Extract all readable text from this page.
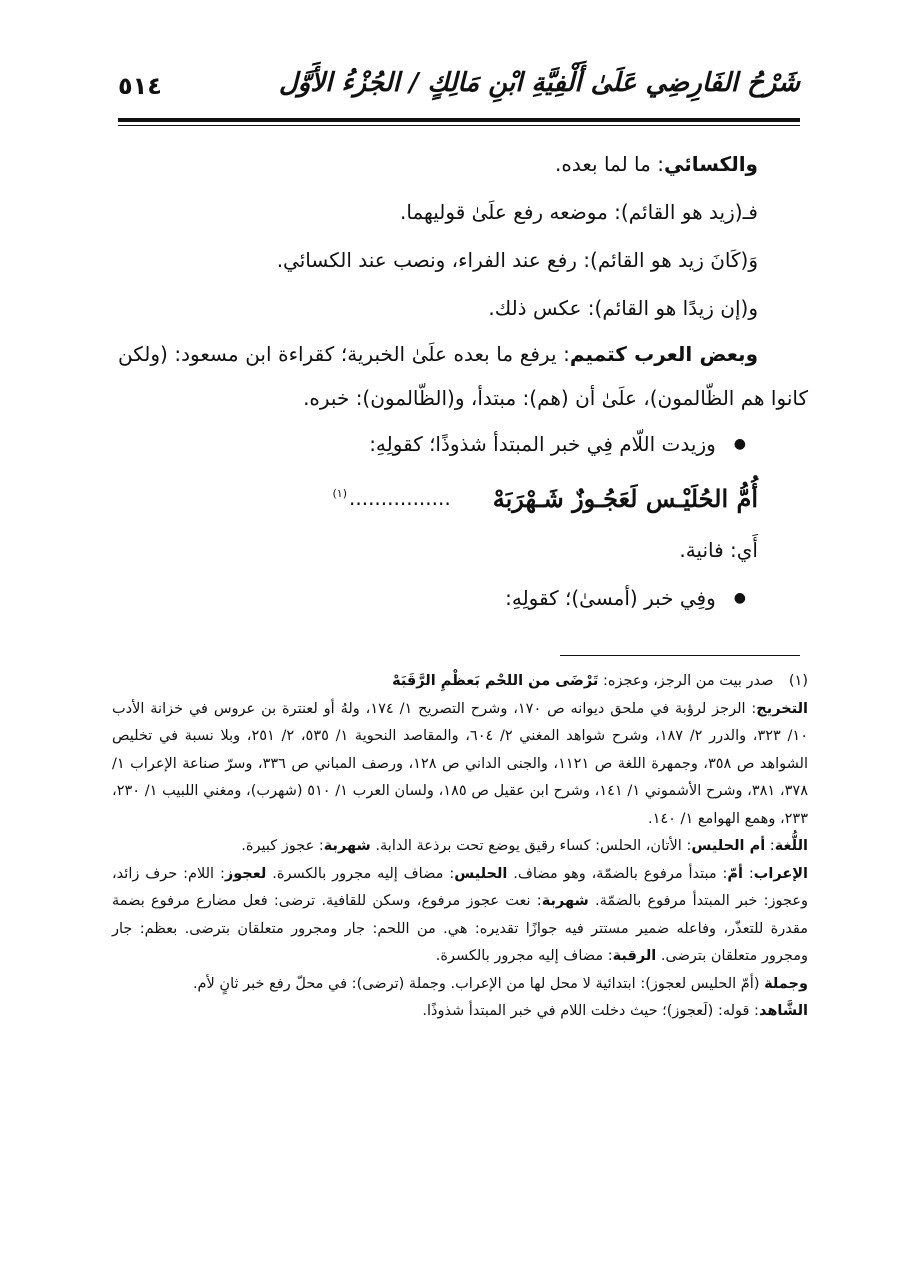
٥١٤	شَرْحُ الفَارِضِي عَلَىٰ أَلْفِيَّةِ ابْنِ مَالِكٍ / الجُزْءُ الأَوَّل

والكسائي: ما لما بعده.

فـ(زيد هو القائم): موضعه رفع علَىٰ قوليهما.

وَ(كَانَ زيد هو القائم): رفع عند الفراء، ونصب عند الكسائي.

و(إن زيدًا هو القائم): عكس ذلك.

وبعض العرب كتميم: يرفع ما بعده علَىٰ الخبرية؛ كقراءة ابن مسعود: (ولكن كانوا هم الظّالمون)، علَىٰ أن (هم): مبتدأ، و(الظّالمون): خبره.

●
وزيدت اللّام فِي خبر المبتدأ شذوذًا؛ كقولِهِ:
أُمُّ الحُلَيْـس لَعَجُـوزٌ شَـهْرَبَهْ
$^{(١)}$ ................

أَي: فانية.

●
وفِي خبر (أمسىٰ)؛ كقولِهِ:

(١) صدر بيت من الرجز، وعجزه: تَرْضَى من اللحْم بَعظْمِ الرَّقَبَهْ

التخريج: الرجز لرؤبة في ملحق ديوانه ص ١٧٠، وشرح التصريح ١/ ١٧٤، ولهُ أو لعنترة بن عروس في خزانة الأدب ١٠/ ٣٢٣، والدرر ٢/ ١٨٧، وشرح شواهد المغني ٢/ ٦٠٤، والمقاصد النحوية ١/ ٥٣٥، ٢/ ٢٥١، وبلا نسبة في تخليص الشواهد ص ٣٥٨، وجمهرة اللغة ص ١١٢١، والجنى الداني ص ١٢٨، ورصف المباني ص ٣٣٦، وسرّ صناعة الإعراب ١/ ٣٧٨، ٣٨١، وشرح الأشموني ١/ ١٤١، وشرح ابن عقيل ص ١٨٥، ولسان العرب ١/ ٥١٠ (شهرب)، ومغني اللبيب ١/ ٢٣٠، ٢٣٣، وهمع الهوامع ١/ ١٤٠.

اللُّغة: أم الحليس: الأتان، الحلس: كساء رقيق يوضع تحت برذعة الدابة. شهربة: عجوز كبيرة.

الإعراب: أمّ: مبتدأ مرفوع بالضمّة، وهو مضاف. الحليس: مضاف إليه مجرور بالكسرة. لعجوز: اللام: حرف زائد، وعجوز: خبر المبتدأ مرفوع بالضمّة. شهربة: نعت عجوز مرفوع، وسكن للقافية. ترضى: فعل مضارع مرفوع بضمة مقدرة للتعذّر، وفاعله ضمير مستتر فيه جوازًا تقديره: هي. من اللحم: جار ومجرور متعلقان بترضى. بعظم: جار ومجرور متعلقان بترضى. الرقبة: مضاف إليه مجرور بالكسرة.

وجملة (أمّ الحليس لعجوز): ابتدائية لا محل لها من الإعراب. وجملة (ترضى): في محلّ رفع خبر ثانٍ لأم.

الشَّاهد: قوله: (لَعجوز)؛ حيث دخلت اللام في خبر المبتدأ شذوذًا.
